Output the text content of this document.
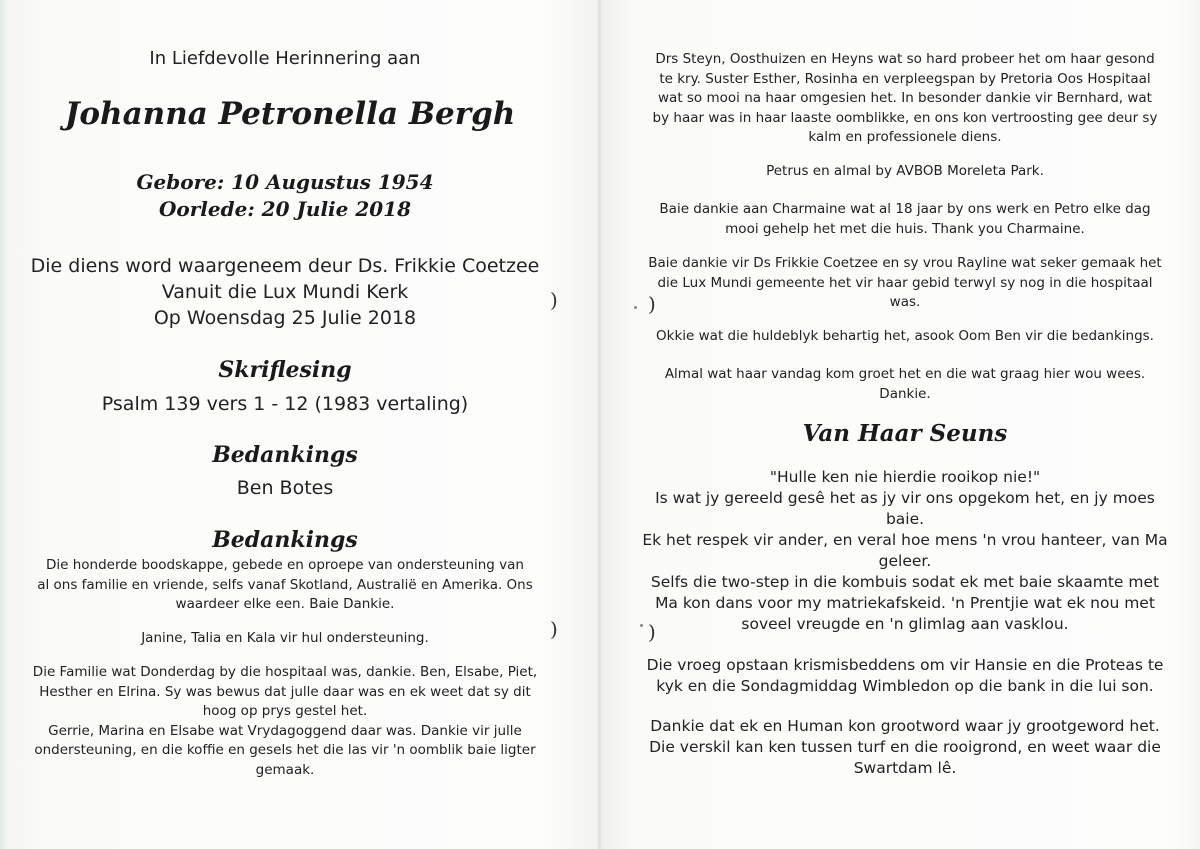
In Liefdevolle Herinnering aan
Johanna Petronella Bergh
Gebore: 10 Augustus 1954
Oorlede: 20 Julie 2018
Die diens word waargeneem deur Ds. Frikkie Coetzee
Vanuit die Lux Mundi Kerk
Op Woensdag 25 Julie 2018
Skriflesing
Psalm 139 vers 1 - 12 (1983 vertaling)
Bedankings
Ben Botes
Bedankings

Die honderde boodskappe, gebede en oproepe van ondersteuning van

al ons familie en vriende, selfs vanaf Skotland, Australië en Amerika. Ons

waardeer elke een. Baie Dankie.

Janine, Talia en Kala vir hul ondersteuning.

Die Familie wat Donderdag by die hospitaal was, dankie. Ben, Elsabe, Piet,

Hesther en Elrina. Sy was bewus dat julle daar was en ek weet dat sy dit

hoog op prys gestel het.

Gerrie, Marina en Elsabe wat Vrydagoggend daar was. Dankie vir julle

ondersteuning, en die koffie en gesels het die las vir 'n oomblik baie ligter

gemaak.

)
)
)
)

Drs Steyn, Oosthuizen en Heyns wat so hard probeer het om haar gesond

te kry. Suster Esther, Rosinha en verpleegspan by Pretoria Oos Hospitaal

wat so mooi na haar omgesien het. In besonder dankie vir Bernhard, wat

by haar was in haar laaste oomblikke, en ons kon vertroosting gee deur sy

kalm en professionele diens.

Petrus en almal by AVBOB Moreleta Park.

Baie dankie aan Charmaine wat al 18 jaar by ons werk en Petro elke dag

mooi gehelp het met die huis. Thank you Charmaine.

Baie dankie vir Ds Frikkie Coetzee en sy vrou Rayline wat seker gemaak het

die Lux Mundi gemeente het vir haar gebid terwyl sy nog in die hospitaal

was.

Okkie wat die huldeblyk behartig het, asook Oom Ben vir die bedankings.

Almal wat haar vandag kom groet het en die wat graag hier wou wees.

Dankie.

Van Haar Seuns

"Hulle ken nie hierdie rooikop nie!"

Is wat jy gereeld gesê het as jy vir ons opgekom het, en jy moes

baie.

Ek het respek vir ander, en veral hoe mens 'n vrou hanteer, van Ma

geleer.

Selfs die two-step in die kombuis sodat ek met baie skaamte met

Ma kon dans voor my matriekafskeid. 'n Prentjie wat ek nou met

soveel vreugde en 'n glimlag aan vasklou.

Die vroeg opstaan krismisbeddens om vir Hansie en die Proteas te

kyk en die Sondagmiddag Wimbledon op die bank in die lui son.

Dankie dat ek en Human kon grootword waar jy grootgeword het.

Die verskil kan ken tussen turf en die rooigrond, en weet waar die

Swartdam lê.
